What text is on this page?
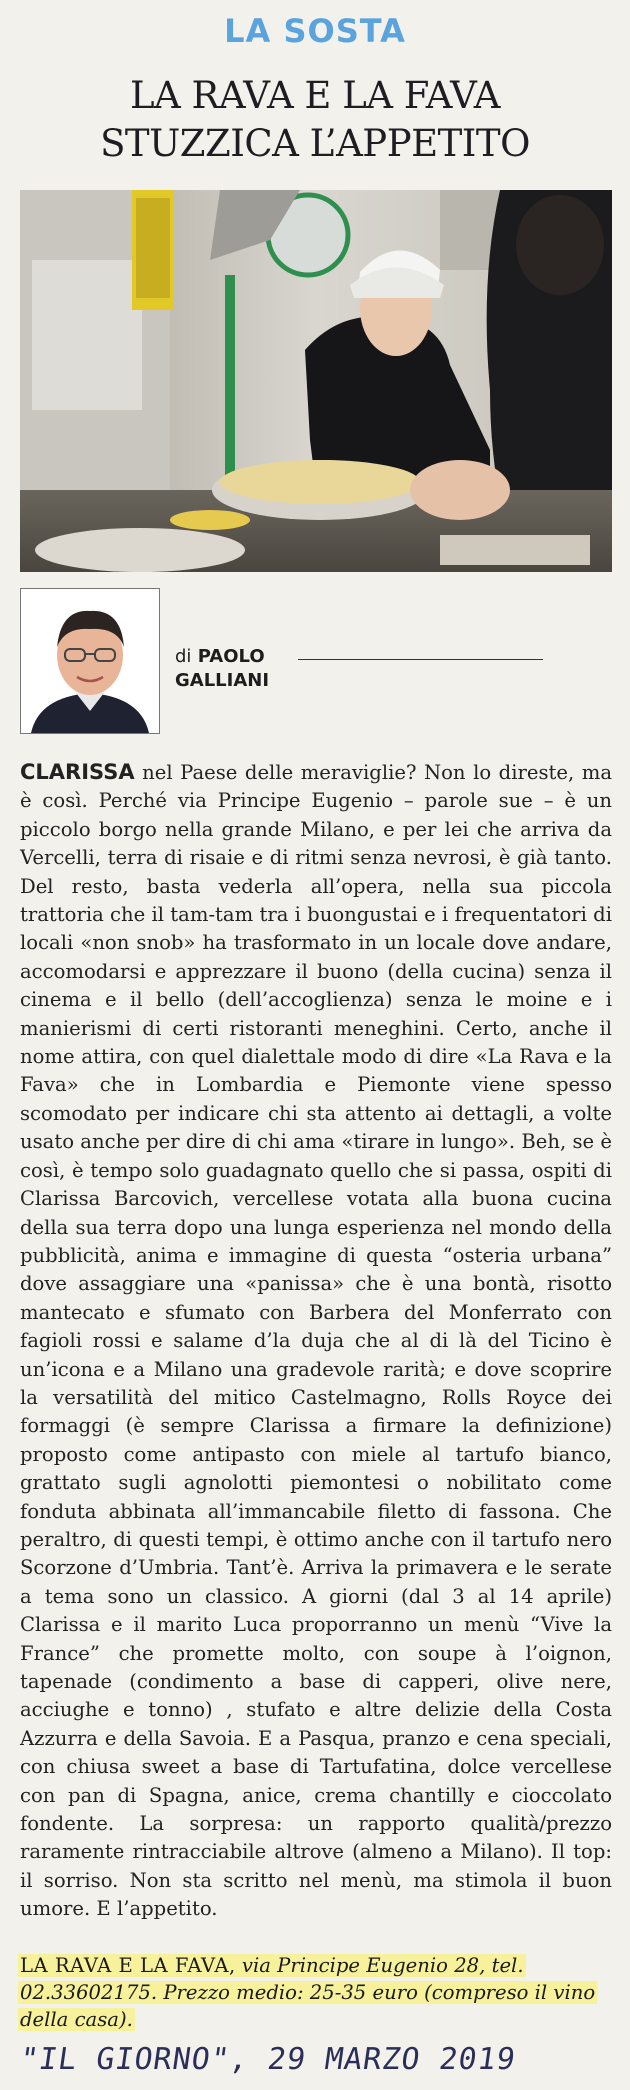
LA SOSTA
LA RAVA E LA FAVA
STUZZICA L’APPETITO
di PAOLO
GALLIANI
CLARISSA nel Paese delle meraviglie? Non lo direste, ma è così. Perché via Principe Eugenio – parole sue – è un piccolo borgo nella grande Milano, e per lei che arriva da Vercelli, terra di risaie e di ritmi senza nevrosi, è già tanto. Del resto, basta vederla all’opera, nella sua piccola trattoria che il tam-tam tra i buongustai e i frequentatori di locali «non snob» ha trasformato in un locale dove andare, accomodarsi e apprezzare il buono (della cucina) senza il cinema e il bello (dell’accoglienza) senza le moine e i manierismi di certi ristoranti meneghini. Certo, anche il nome attira, con quel dialettale modo di dire «La Rava e la Fava» che in Lombardia e Piemonte viene spesso scomodato per indicare chi sta attento ai dettagli, a volte usato anche per dire di chi ama «tirare in lungo». Beh, se è così, è tempo solo guadagnato quello che si passa, ospiti di Clarissa Barcovich, vercellese votata alla buona cucina della sua terra dopo una lunga esperienza nel mondo della pubblicità, anima e immagine di questa “osteria urbana” dove assaggiare una «panissa» che è una bontà, risotto mantecato e sfumato con Barbera del Monferrato con fagioli rossi e salame d’la duja che al di là del Ticino è un’icona e a Milano una gradevole rarità; e dove scoprire la versatilità del mitico Castelmagno, Rolls Royce dei formaggi (è sempre Clarissa a firmare la definizione) proposto come antipasto con miele al tartufo bianco, grattato sugli agnolotti piemontesi o nobilitato come fonduta abbinata all’immancabile filetto di fassona. Che peraltro, di questi tempi, è ottimo anche con il tartufo nero Scorzone d’Umbria. Tant’è. Arriva la primavera e le serate a tema sono un classico. A giorni (dal 3 al 14 aprile) Clarissa e il marito Luca proporranno un menù “Vive la France” che promette molto, con soupe à l’oignon, tapenade (condimento a base di capperi, olive nere, acciughe e tonno) , stufato e altre delizie della Costa Azzurra e della Savoia. E a Pasqua, pranzo e cena speciali, con chiusa sweet a base di Tartufatina, dolce vercellese con pan di Spagna, anice, crema chantilly e cioccolato fondente. La sorpresa: un rapporto qualità/prezzo raramente rintracciabile altrove (almeno a Milano). Il top: il sorriso. Non sta scritto nel menù, ma stimola il buon umore. E l’appetito.
LA RAVA E LA FAVA, via Principe Eugenio 28, tel. 02.33602175. Prezzo medio: 25-35 euro (compreso il vino della casa).
"IL GIORNO", 29 MARZO 2019
